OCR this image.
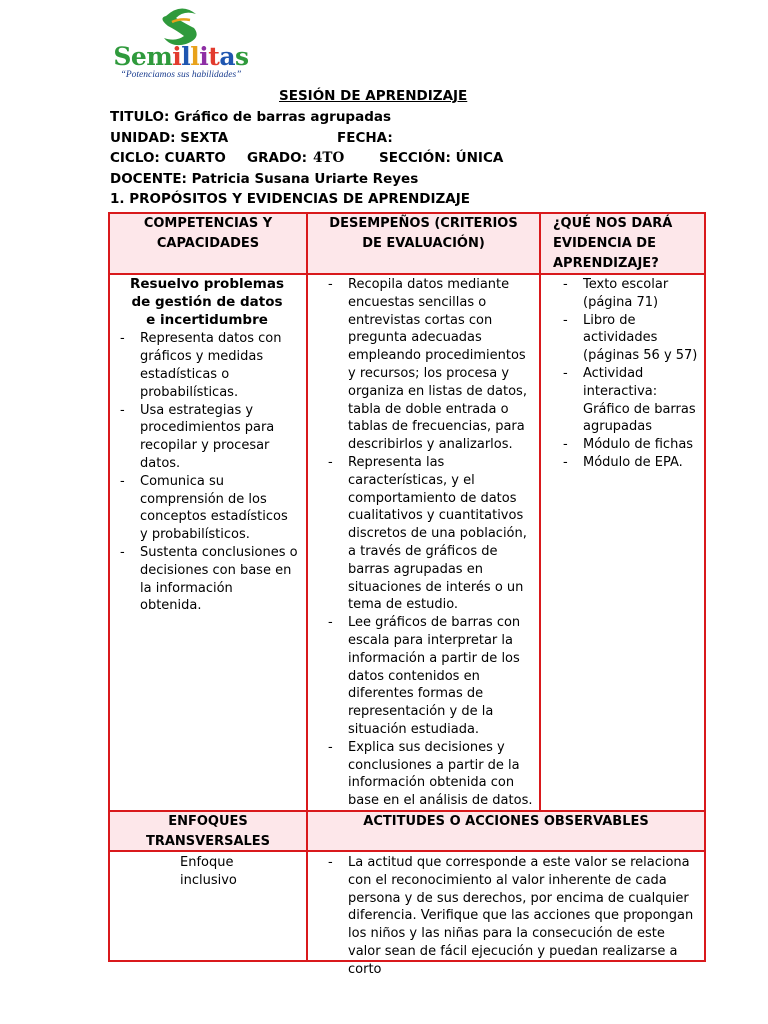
Semillitas
“Potenciamos sus habilidades”
SESIÓN DE APRENDIZAJE
TITULO: Gráfico de barras agrupadas
UNIDAD: SEXTA	FECHA:
CICLO: CUARTO GRADO: 4TO	SECCIÓN: ÚNICA
DOCENTE: Patricia Susana Uriarte Reyes
1. PROPÓSITOS Y EVIDENCIAS DE APRENDIZAJE
COMPETENCIAS Y CAPACIDADES
DESEMPEÑOS (CRITERIOS DE EVALUACIÓN)
¿QUÉ NOS DARÁ EVIDENCIA DE APRENDIZAJE?
Resuelvo problemas de gestión de datos e incertidumbre
- Representa datos con gráficos y medidas estadísticas o probabilísticas.
- Usa estrategias y procedimientos para recopilar y procesar datos.
- Comunica su comprensión de los conceptos estadísticos y probabilísticos.
- Sustenta conclusiones o decisiones con base en la información obtenida.
- Recopila datos mediante encuestas sencillas o entrevistas cortas con pregunta adecuadas empleando procedimientos y recursos; los procesa y organiza en listas de datos, tabla de doble entrada o tablas de frecuencias, para describirlos y analizarlos.
- Representa las características, y el comportamiento de datos cualitativos y cuantitativos discretos de una población, a través de gráficos de barras agrupadas en situaciones de interés o un tema de estudio.
- Lee gráficos de barras con escala para interpretar la información a partir de los datos contenidos en diferentes formas de representación y de la situación estudiada.
- Explica sus decisiones y conclusiones a partir de la información obtenida con base en el análisis de datos.
- Texto escolar (página 71)
- Libro de actividades (páginas 56 y 57)
- Actividad interactiva: Gráfico de barras agrupadas
- Módulo de fichas
- Módulo de EPA.
ENFOQUES TRANSVERSALES
ACTITUDES O ACCIONES OBSERVABLES
Enfoque inclusivo
- La actitud que corresponde a este valor se relaciona con el reconocimiento al valor inherente de cada persona y de sus derechos, por encima de cualquier diferencia. Verifique que las acciones que propongan los niños y las niñas para la consecución de este valor sean de fácil ejecución y puedan realizarse a corto
